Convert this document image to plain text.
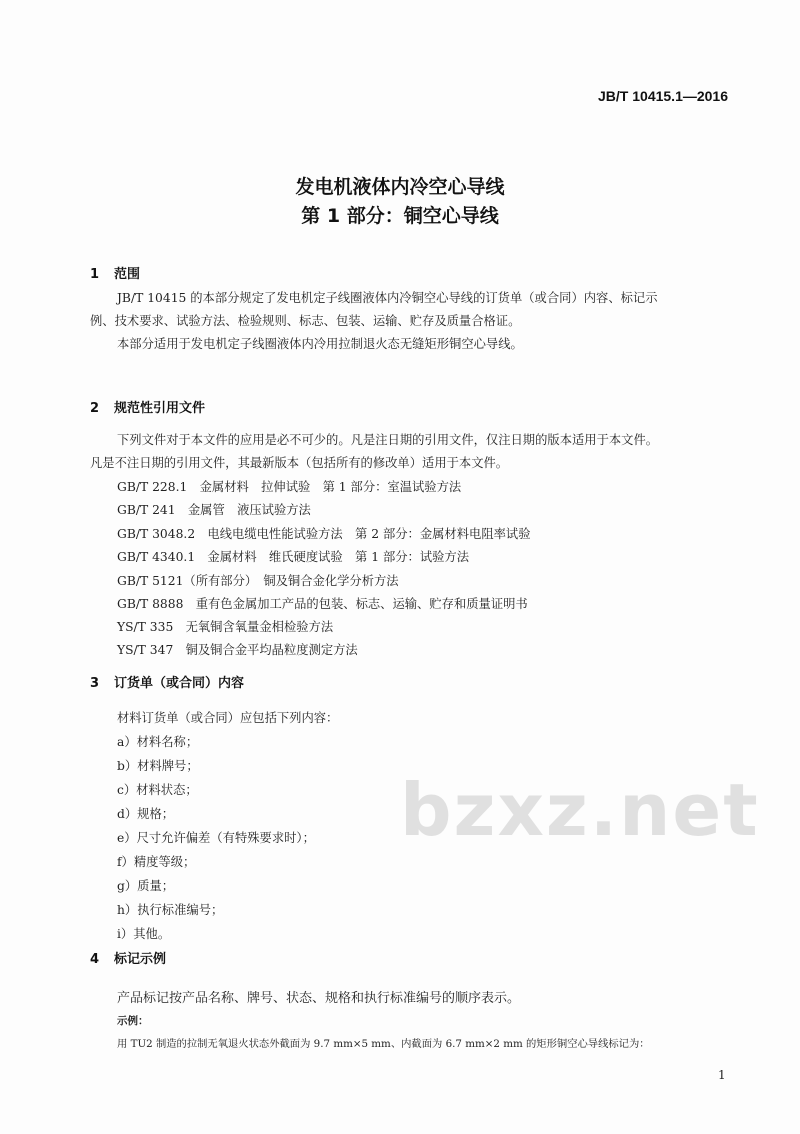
JB/T 10415.1—2016
发电机液体内冷空心导线
第 1 部分：铜空心导线
1 范围
JB/T 10415 的本部分规定了发电机定子线圈液体内冷铜空心导线的订货单（或合同）内容、标记示
例、技术要求、试验方法、检验规则、标志、包装、运输、贮存及质量合格证。
本部分适用于发电机定子线圈液体内冷用拉制退火态无缝矩形铜空心导线。
2 规范性引用文件
下列文件对于本文件的应用是必不可少的。凡是注日期的引用文件，仅注日期的版本适用于本文件。
凡是不注日期的引用文件，其最新版本（包括所有的修改单）适用于本文件。
GB/T 228.1　金属材料　拉伸试验　第 1 部分：室温试验方法
GB/T 241　金属管　液压试验方法
GB/T 3048.2　电线电缆电性能试验方法　第 2 部分：金属材料电阻率试验
GB/T 4340.1　金属材料　维氏硬度试验　第 1 部分：试验方法
GB/T 5121（所有部分）　铜及铜合金化学分析方法
GB/T 8888　重有色金属加工产品的包装、标志、运输、贮存和质量证明书
YS/T 335　无氧铜含氧量金相检验方法
YS/T 347　铜及铜合金平均晶粒度测定方法
3 订货单（或合同）内容
材料订货单（或合同）应包括下列内容：
a）材料名称；
b）材料牌号；
c）材料状态；
d）规格；
e）尺寸允许偏差（有特殊要求时）；
f）精度等级；
g）质量；
h）执行标准编号；
i）其他。
bzxz.net
4 标记示例
产品标记按产品名称、牌号、状态、规格和执行标准编号的顺序表示。
示例：
用 TU2 制造的拉制无氧退火状态外截面为 9.7 mm×5 mm、内截面为 6.7 mm×2 mm 的矩形铜空心导线标记为：
1
